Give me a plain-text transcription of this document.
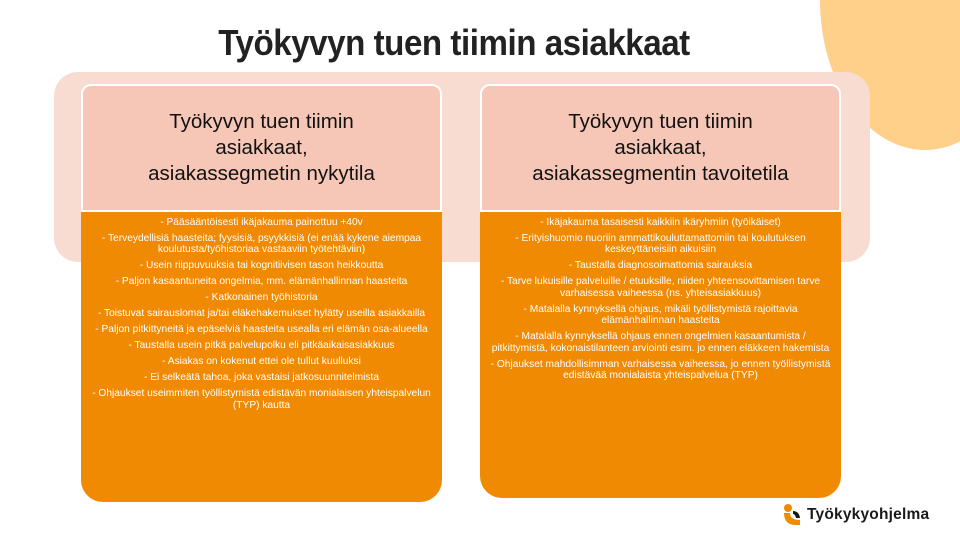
Työkyvyn tuen tiimin asiakkaat
Työkyvyn tuen tiimin
asiakkaat,
asiakassegmetin nykytila

- Pääsääntöisesti ikäjakauma painottuu +40v

- Terveydellisiä haasteita; fyysisiä, psyykkisiä (ei enää kykene aiempaa koulutusta/työhistoriaa vastaaviin työtehtäviin)

- Usein riippuvuuksia tai kognitiivisen tason heikkoutta

- Paljon kasaantuneita ongelmia, mm. elämänhallinnan haasteita

- Katkonainen työhistoria

- Toistuvat sairauslomat ja/tai eläkehakemukset hylätty useilla asiakkailla

- Paljon pitkittyneitä ja epäselviä haasteita usealla eri elämän osa-alueella

- Taustalla usein pitkä palvelupolku eli pitkäaikaisasiakkuus

- Asiakas on kokenut ettei ole tullut kuulluksi

- Ei selkeätä tahoa, joka vastaisi jatkosuunnitelmista

- Ohjaukset useimmiten työllistymistä edistävän monialaisen yhteispalvelun (TYP) kautta

Työkyvyn tuen tiimin
asiakkaat,
asiakassegmentin tavoitetila

- Ikäjakauma tasaisesti kaikkiin ikäryhmiin (työikäiset)

- Erityishuomio nuoriin ammattikouluttamattomiin tai koulutuksen keskeyttäneisiin aikuisiin

- Taustalla diagnosoimattomia sairauksia

- Tarve lukuisille palveluille / etuuksille, niiden yhteensovittamisen tarve varhaisessa vaiheessa (ns. yhteisasiakkuus)

- Matalalla kynnyksellä ohjaus, mikäli työllistymistä rajoittavia elämänhallinnan haasteita

- Matalalla kynnyksellä ohjaus ennen ongelmien kasaantumista / pitkittymistä, kokonaistilanteen arviointi esim. jo ennen eläkkeen hakemista

- Ohjaukset mahdollisimman varhaisessa vaiheessa, jo ennen työllistymistä edistävää monialaista yhteispalvelua (TYP)

Työkykyohjelma
